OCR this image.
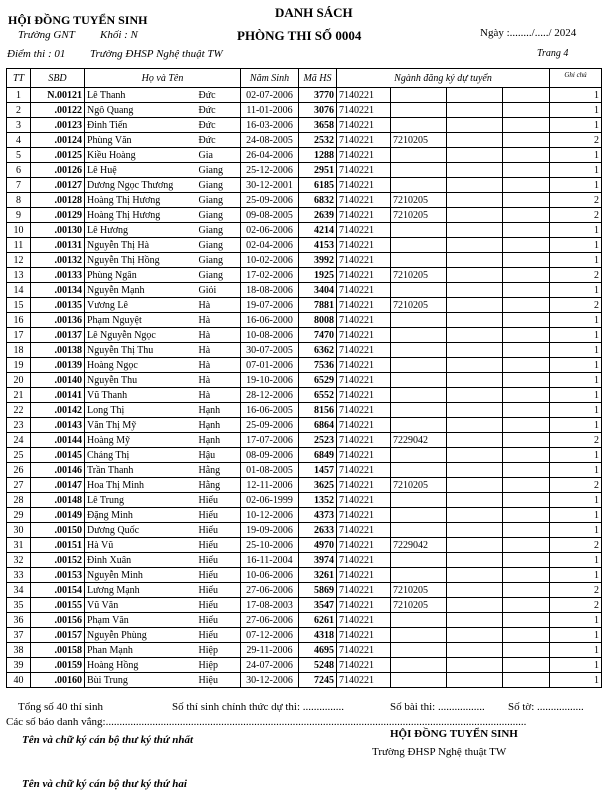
HỘI ĐỒNG TUYỂN SINH
Trường GNT Khối : N
DANH SÁCH
PHÒNG THI SỐ 0004	Ngày :......../...../ 2024
Điểm thi : 01 Trường ĐHSP Nghệ thuật TW	Trang 4
TT	SBD	Họ và Tên		Năm Sinh	Mã HS	Ngành đăng ký dự tuyển				Ghi chú
1	N.00121	Lê Thanh	Đức	02-07-2006	3770	7140221				1
2	.00122	Ngô Quang	Đức	11-01-2006	3076	7140221				1
3	.00123	Đinh Tiến	Đức	16-03-2006	3658	7140221				1
4	.00124	Phùng Văn	Đức	24-08-2005	2532	7140221	7210205			2
5	.00125	Kiều Hoàng	Gia	26-04-2006	1288	7140221				1
6	.00126	Lê Huệ	Giang	25-12-2006	2951	7140221				1
7	.00127	Dương Ngọc Thương	Giang	30-12-2001	6185	7140221				1
8	.00128	Hoàng Thị Hương	Giang	25-09-2006	6832	7140221	7210205			2
9	.00129	Hoàng Thị Hương	Giang	09-08-2005	2639	7140221	7210205			2
10	.00130	Lê Hương	Giang	02-06-2006	4214	7140221				1
11	.00131	Nguyễn Thị Hà	Giang	02-04-2006	4153	7140221				1
12	.00132	Nguyễn Thị Hồng	Giang	10-02-2006	3992	7140221				1
13	.00133	Phùng Ngân	Giang	17-02-2006	1925	7140221	7210205			2
14	.00134	Nguyễn Mạnh	Giỏi	18-08-2006	3404	7140221				1
15	.00135	Vương Lê	Hà	19-07-2006	7881	7140221	7210205			2
16	.00136	Phạm Nguyệt	Hà	16-06-2000	8008	7140221				1
17	.00137	Lê Nguyễn Ngọc	Hà	10-08-2006	7470	7140221				1
18	.00138	Nguyễn Thị Thu	Hà	30-07-2005	6362	7140221				1
19	.00139	Hoàng Ngọc	Hà	07-01-2006	7536	7140221				1
20	.00140	Nguyễn Thu	Hà	19-10-2006	6529	7140221				1
21	.00141	Vũ Thanh	Hà	28-12-2006	6552	7140221				1
22	.00142	Long Thị	Hạnh	16-06-2005	8156	7140221				1
23	.00143	Văn Thị Mỹ	Hạnh	25-09-2006	6864	7140221				1
24	.00144	Hoàng Mỹ	Hạnh	17-07-2006	2523	7140221	7229042			2
25	.00145	Chảng Thị	Hậu	08-09-2006	6849	7140221				1
26	.00146	Trần Thanh	Hằng	01-08-2005	1457	7140221				1
27	.00147	Hoa Thị Minh	Hằng	12-11-2006	3625	7140221	7210205			2
28	.00148	Lê Trung	Hiếu	02-06-1999	1352	7140221				1
29	.00149	Đặng Minh	Hiếu	10-12-2006	4373	7140221				1
30	.00150	Dương Quốc	Hiếu	19-09-2006	2633	7140221				1
31	.00151	Hà Vũ	Hiếu	25-10-2006	4970	7140221	7229042			2
32	.00152	Đinh Xuân	Hiếu	16-11-2004	3974	7140221				1
33	.00153	Nguyễn Minh	Hiếu	10-06-2006	3261	7140221				1
34	.00154	Lương Mạnh	Hiếu	27-06-2006	5869	7140221	7210205			2
35	.00155	Vũ Văn	Hiếu	17-08-2003	3547	7140221	7210205			2
36	.00156	Phạm Văn	Hiếu	27-06-2006	6261	7140221				1
37	.00157	Nguyễn Phùng	Hiếu	07-12-2006	4318	7140221				1
38	.00158	Phan Mạnh	Hiệp	29-11-2006	4695	7140221				1
39	.00159	Hoàng Hồng	Hiệp	24-07-2006	5248	7140221				1
40	.00160	Bùi Trung	Hiệu	30-12-2006	7245	7140221				1
Tổng số 40 thí sinh	Số thí sinh chính thức dự thi: ...............	Số bài thi: ................. Số tờ: .................
Các số báo danh vắng:.........................................................................................................................................................
Tên và chữ ký cán bộ thư ký thứ nhất	HỘI ĐỒNG TUYỂN SINH
Trường ĐHSP Nghệ thuật TW
Tên và chữ ký cán bộ thư ký thứ hai
